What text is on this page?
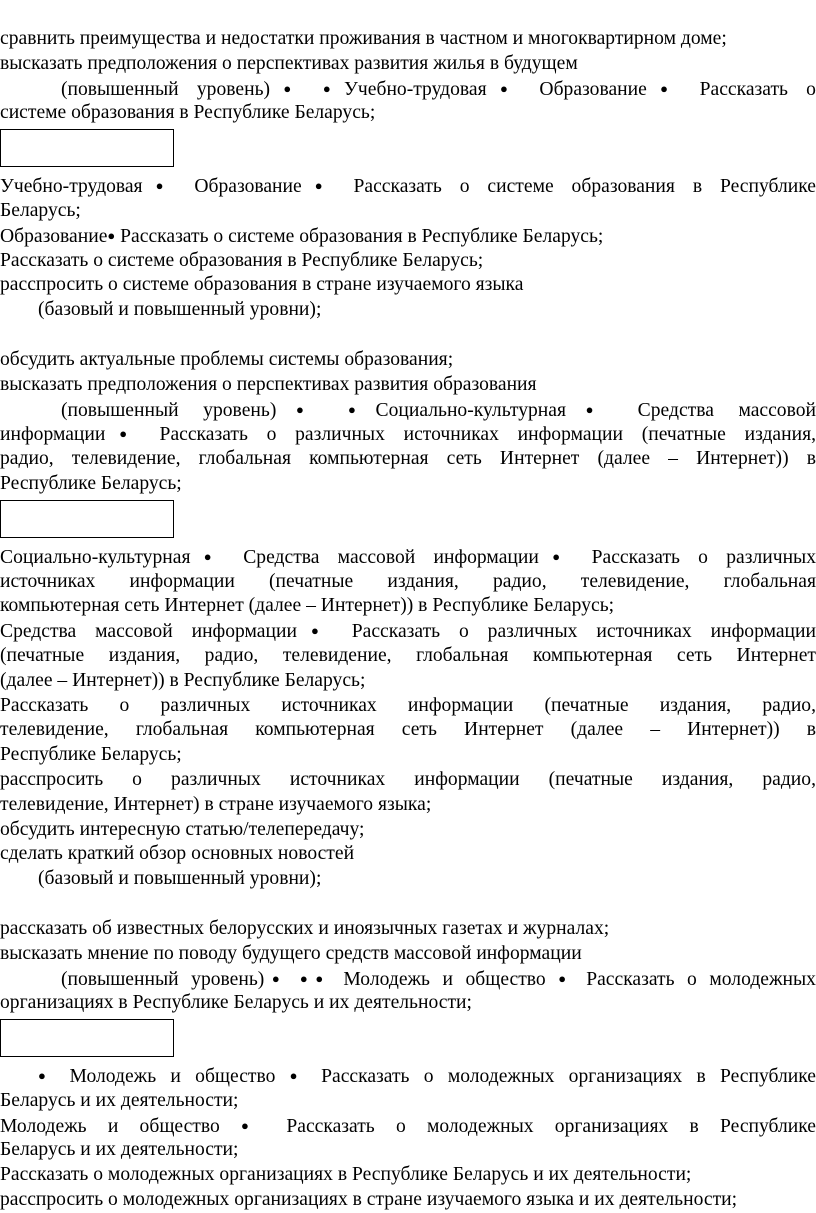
сравнить преимущества и недостатки проживания в частном и многоквартирном доме;
высказать предположения о перспективах развития жилья в будущем
(повышенный уровень)● ●Учебно-трудовая● Образование● Рассказать о
системе образования в Республике Беларусь;
Учебно-трудовая● Образование● Рассказать о системе образования в Республике
Беларусь;
Образование● Рассказать о системе образования в Республике Беларусь;
Рассказать о системе образования в Республике Беларусь;
расспросить о системе образования в стране изучаемого языка
(базовый и повышенный уровни);
обсудить актуальные проблемы системы образования;
высказать предположения о перспективах развития образования
(повышенный уровень)● ●Социально-культурная● Средства массовой
информации● Рассказать о различных источниках информации (печатные издания,
радио, телевидение, глобальная компьютерная сеть Интернет (далее – Интернет)) в
Республике Беларусь;
Социально-культурная● Средства массовой информации● Рассказать о различных
источниках информации (печатные издания, радио, телевидение, глобальная
компьютерная сеть Интернет (далее – Интернет)) в Республике Беларусь;
Средства массовой информации● Рассказать о различных источниках информации
(печатные издания, радио, телевидение, глобальная компьютерная сеть Интернет
(далее – Интернет)) в Республике Беларусь;
Рассказать о различных источниках информации (печатные издания, радио,
телевидение, глобальная компьютерная сеть Интернет (далее – Интернет)) в
Республике Беларусь;
расспросить о различных источниках информации (печатные издания, радио,
телевидение, Интернет) в стране изучаемого языка;
обсудить интересную статью/телепередачу;
сделать краткий обзор основных новостей
(базовый и повышенный уровни);
рассказать об известных белорусских и иноязычных газетах и журналах;
высказать мнение по поводу будущего средств массовой информации
(повышенный уровень)● ●● Молодежь и общество ● Рассказать о молодежных
организациях в Республике Беларусь и их деятельности;
● Молодежь и общество ● Рассказать о молодежных организациях в Республике
Беларусь и их деятельности;
Молодежь и общество ● Рассказать о молодежных организациях в Республике
Беларусь и их деятельности;
Рассказать о молодежных организациях в Республике Беларусь и их деятельности;
расспросить о молодежных организациях в стране изучаемого языка и их деятельности;
